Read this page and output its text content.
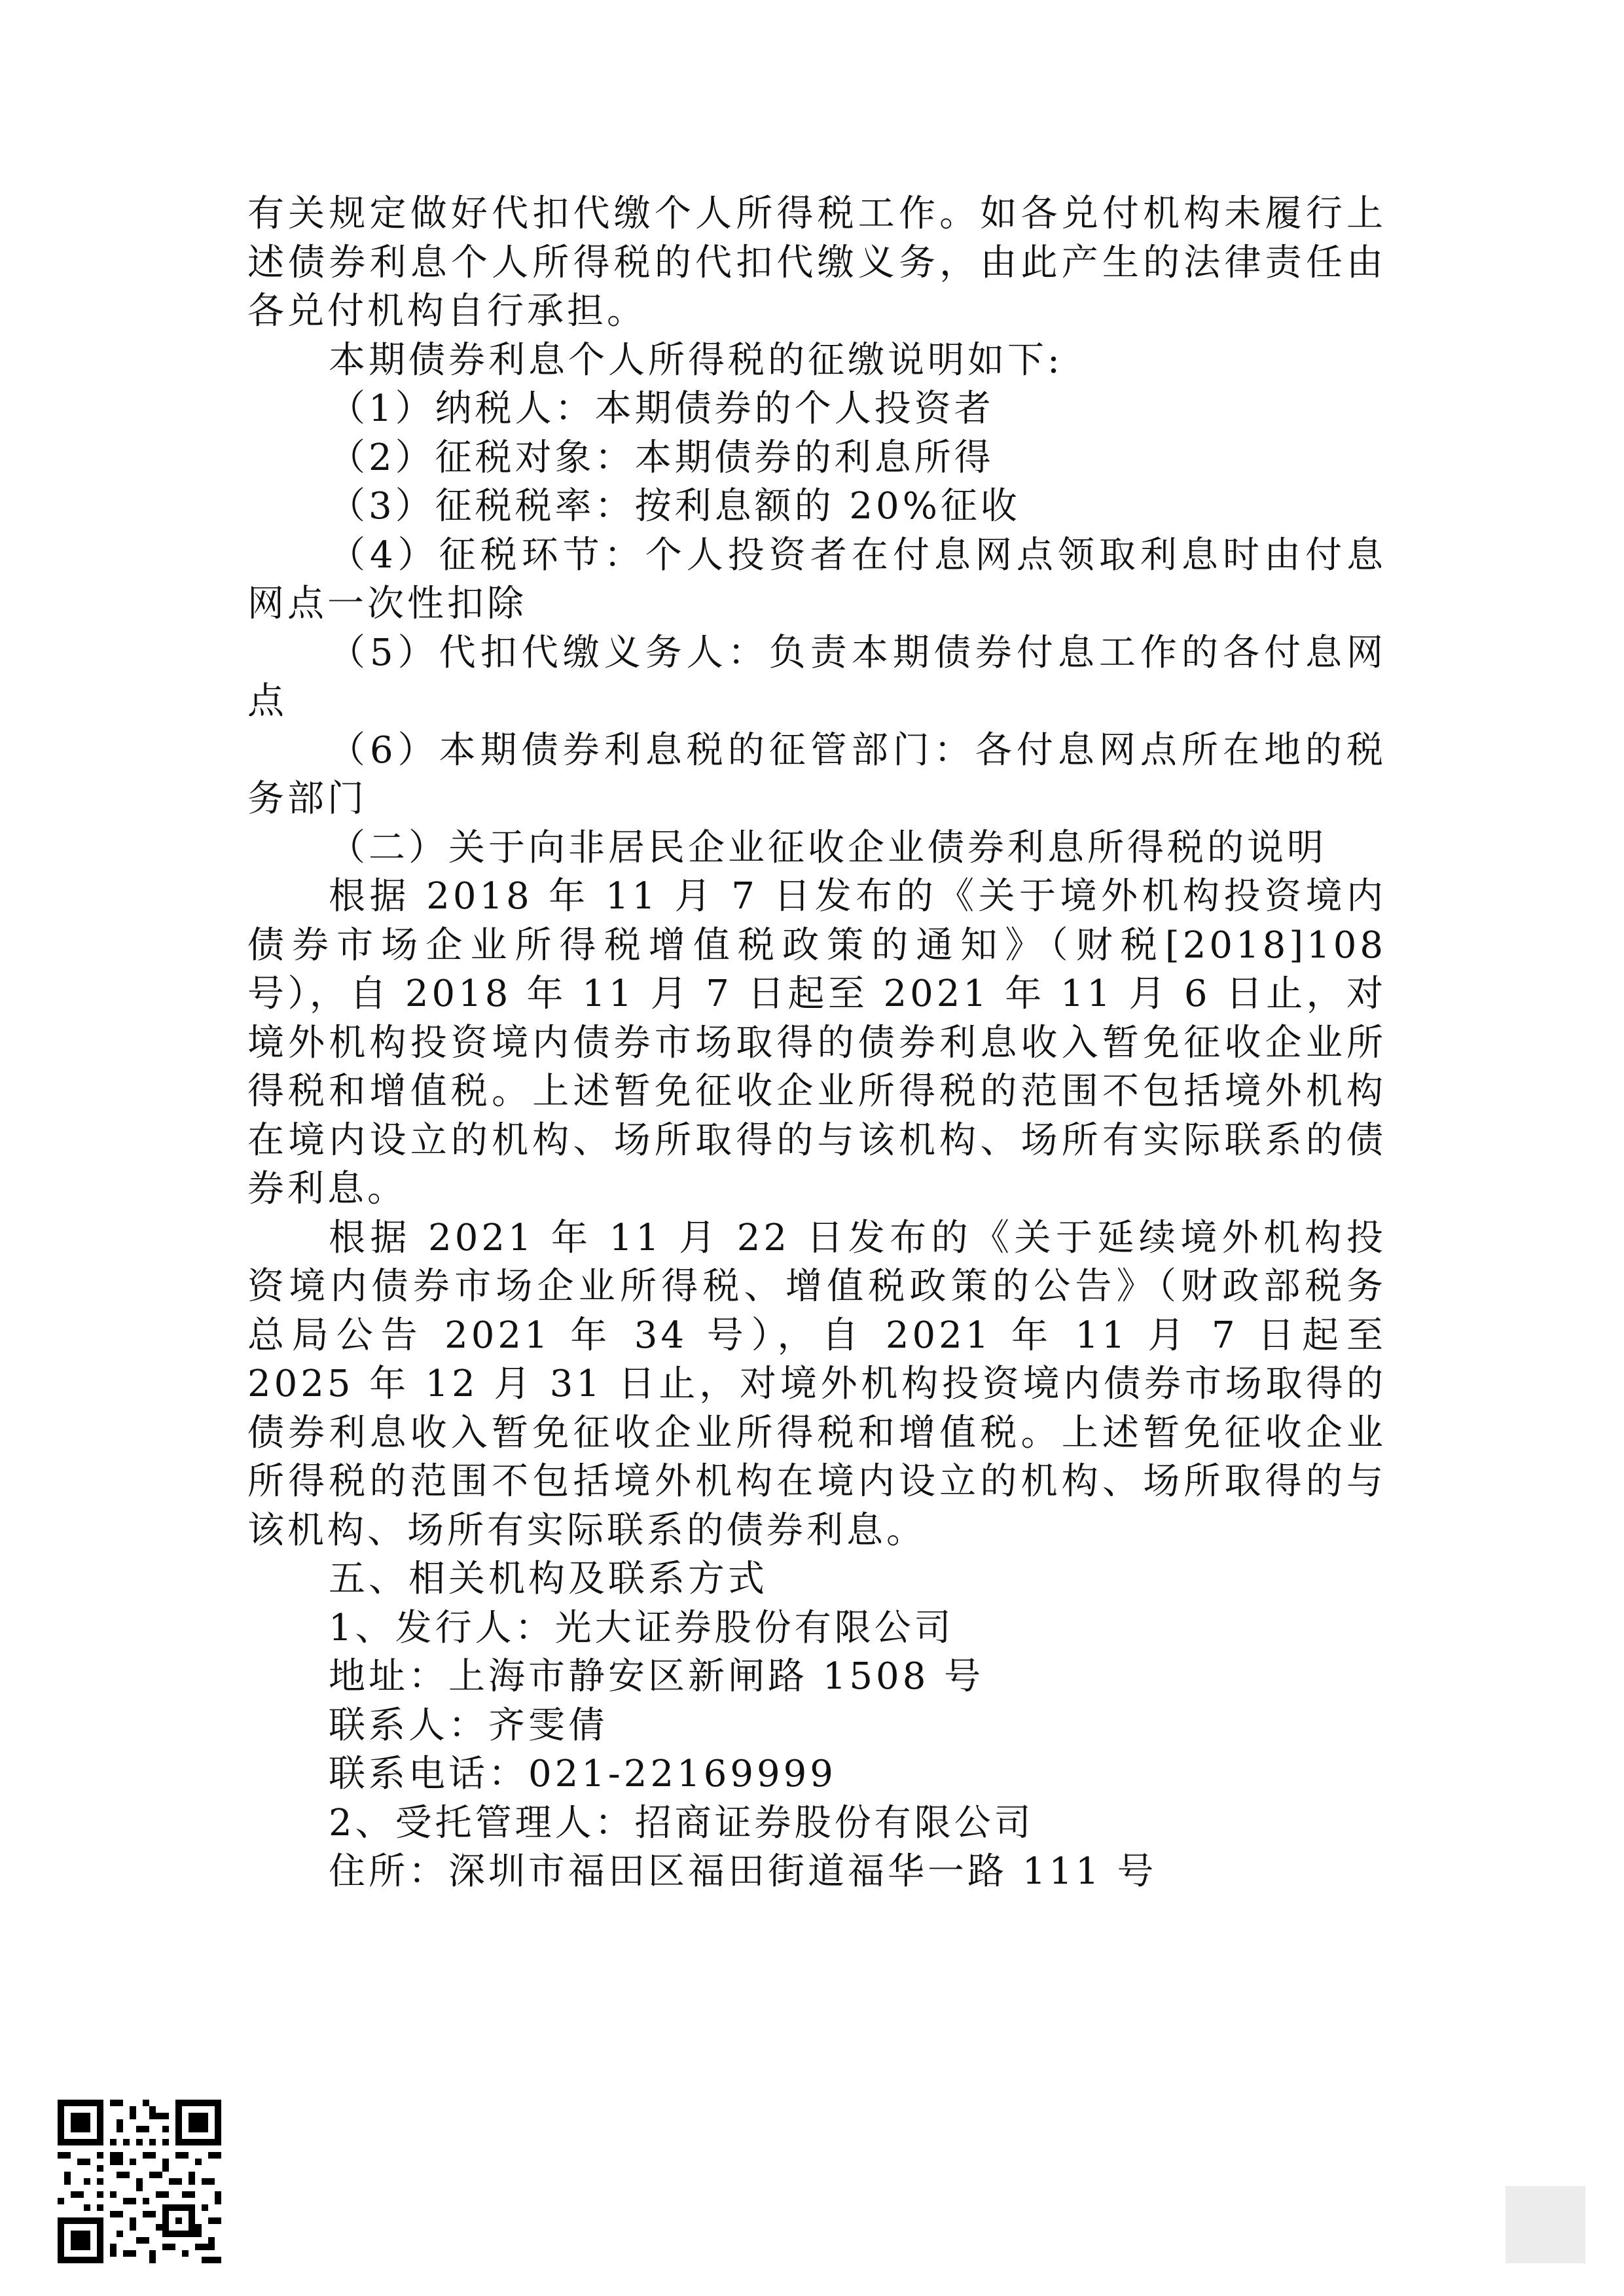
有关规定做好代扣代缴个人所得税工作。如各兑付机构未履行上述债券利息个人所得税的代扣代缴义务，由此产生的法律责任由各兑付机构自行承担。

本期债券利息个人所得税的征缴说明如下:

（1）纳税人：本期债券的个人投资者

（2）征税对象：本期债券的利息所得

（3）征税税率：按利息额的 20%征收

（4）征税环节：个人投资者在付息网点领取利息时由付息网点一次性扣除

（5）代扣代缴义务人：负责本期债券付息工作的各付息网点

（6）本期债券利息税的征管部门：各付息网点所在地的税务部门

（二）关于向非居民企业征收企业债券利息所得税的说明

根据 2018 年 11 月 7 日发布的《关于境外机构投资境内债券市场企业所得税增值税政策的通知》（财税[2018]108 号），自 2018 年 11 月 7 日起至 2021 年 11 月 6 日止，对境外机构投资境内债券市场取得的债券利息收入暂免征收企业所得税和增值税。上述暂免征收企业所得税的范围不包括境外机构在境内设立的机构、场所取得的与该机构、场所有实际联系的债券利息。

根据 2021 年 11 月 22 日发布的《关于延续境外机构投资境内债券市场企业所得税、增值税政策的公告》（财政部税务总局公告 2021 年 34 号），自 2021 年 11 月 7 日起至 2025 年 12 月 31 日止，对境外机构投资境内债券市场取得的债券利息收入暂免征收企业所得税和增值税。上述暂免征收企业所得税的范围不包括境外机构在境内设立的机构、场所取得的与该机构、场所有实际联系的债券利息。

五、相关机构及联系方式

1、发行人：光大证券股份有限公司

地址：上海市静安区新闸路 1508 号

联系人：齐雯倩

联系电话：021-22169999

2、受托管理人：招商证券股份有限公司

住所：深圳市福田区福田街道福华一路 111 号
